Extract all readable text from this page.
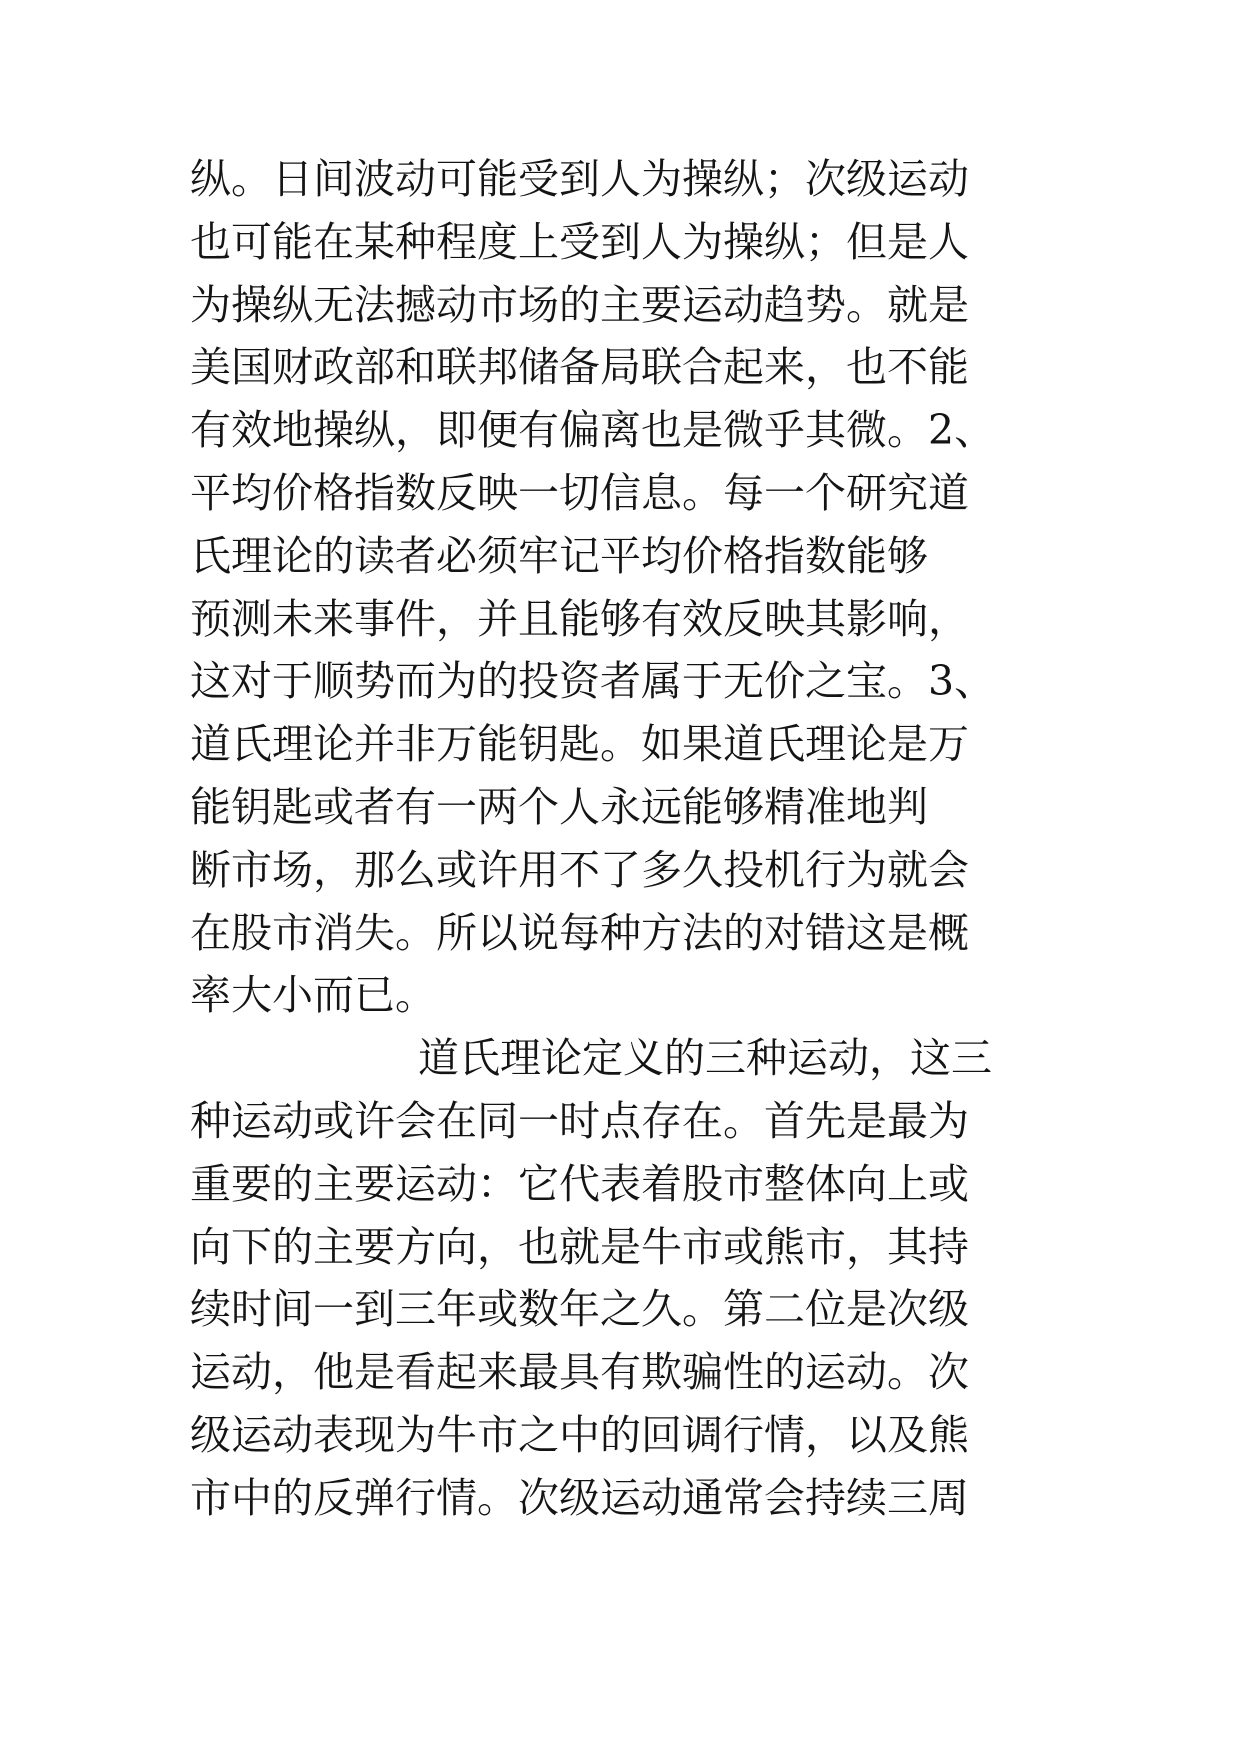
纵。日间波动可能受到人为操纵；次级运动
也可能在某种程度上受到人为操纵；但是人
为操纵无法撼动市场的主要运动趋势。就是
美国财政部和联邦储备局联合起来，也不能
有效地操纵，即便有偏离也是微乎其微。2、
平均价格指数反映一切信息。每一个研究道
氏理论的读者必须牢记平均价格指数能够
预测未来事件，并且能够有效反映其影响，
这对于顺势而为的投资者属于无价之宝。3、
道氏理论并非万能钥匙。如果道氏理论是万
能钥匙或者有一两个人永远能够精准地判
断市场，那么或许用不了多久投机行为就会
在股市消失。所以说每种方法的对错这是概
率大小而已。
道氏理论定义的三种运动，这三
种运动或许会在同一时点存在。首先是最为
重要的主要运动：它代表着股市整体向上或
向下的主要方向，也就是牛市或熊市，其持
续时间一到三年或数年之久。第二位是次级
运动，他是看起来最具有欺骗性的运动。次
级运动表现为牛市之中的回调行情，以及熊
市中的反弹行情。次级运动通常会持续三周
